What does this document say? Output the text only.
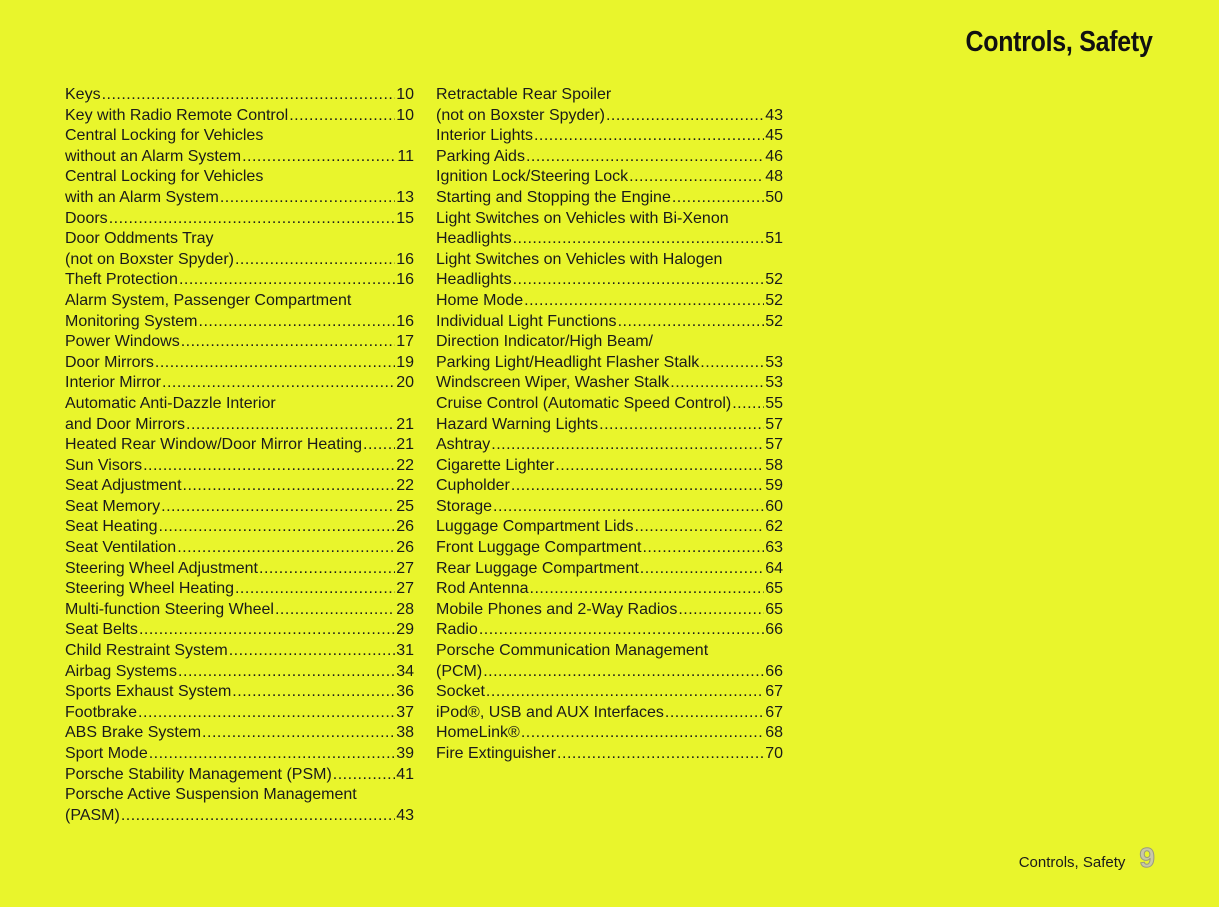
Controls, Safety
Keys .....	10
Key with Radio Remote Control .....	10
Central Locking for Vehicles
without an Alarm System .....	11
Central Locking for Vehicles
with an Alarm System .....	13
Doors .....	15
Door Oddments Tray
(not on Boxster Spyder) .....	16
Theft Protection .....	16
Alarm System, Passenger Compartment
Monitoring System .....	16
Power Windows .....	17
Door Mirrors .....	19
Interior Mirror .....	20
Automatic Anti-Dazzle Interior
and Door Mirrors .....	21
Heated Rear Window/Door Mirror Heating ..... 21
Sun Visors .....	22
Seat Adjustment .....	22
Seat Memory .....	25
Seat Heating .....	26
Seat Ventilation .....	26
Steering Wheel Adjustment .....	27
Steering Wheel Heating .....	27
Multi-function Steering Wheel .....	28
Seat Belts .....	29
Child Restraint System .....	31
Airbag Systems .....	34
Sports Exhaust System .....	36
Footbrake .....	37
ABS Brake System .....	38
Sport Mode .....	39
Porsche Stability Management (PSM) .....	41
Porsche Active Suspension Management
(PASM) .....	43
Retractable Rear Spoiler
(not on Boxster Spyder) .....	43
Interior Lights .....	45
Parking Aids .....	46
Ignition Lock/Steering Lock .....	48
Starting and Stopping the Engine .....	50
Light Switches on Vehicles with Bi-Xenon
Headlights .....	51
Light Switches on Vehicles with Halogen
Headlights .....	52
Home Mode .....	52
Individual Light Functions .....	52
Direction Indicator/High Beam/
Parking Light/Headlight Flasher Stalk .....	53
Windscreen Wiper, Washer Stalk .....	53
Cruise Control (Automatic Speed Control) ..... 55
Hazard Warning Lights .....	57
Ashtray .....	57
Cigarette Lighter .....	58
Cupholder .....	59
Storage .....	60
Luggage Compartment Lids .....	62
Front Luggage Compartment .....	63
Rear Luggage Compartment .....	64
Rod Antenna .....	65
Mobile Phones and 2-Way Radios .....	65
Radio .....	66
Porsche Communication Management
(PCM) .....	66
Socket .....	67
iPod®, USB and AUX Interfaces .....	67
HomeLink® .....	68
Fire Extinguisher .....	70
Controls, Safety 9
